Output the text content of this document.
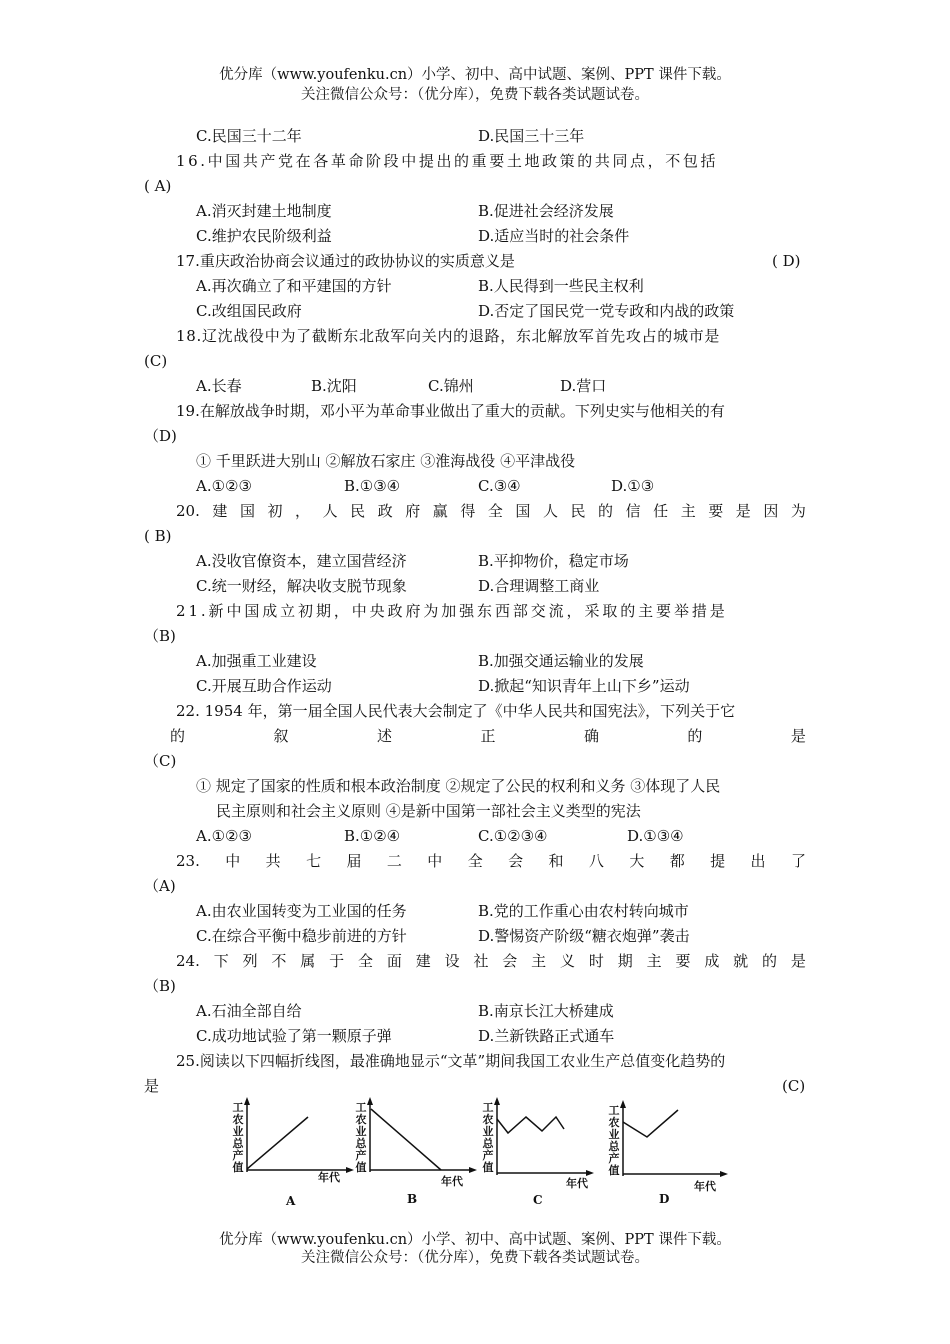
优分库（www.youfenku.cn）小学、初中、高中试题、案例、PPT 课件下载。
关注微信公众号：（优分库），免费下载各类试题试卷。
C.民国三十二年	D.民国三十三年
16.中国共产党在各革命阶段中提出的重要土地政策的共同点，不包括
( A)
A.消灭封建土地制度	B.促进社会经济发展
C.维护农民阶级利益	D.适应当时的社会条件
17.重庆政治协商会议通过的政协协议的实质意义是	( D)
A.再次确立了和平建国的方针	B.人民得到一些民主权利
C.改组国民政府	D.否定了国民党一党专政和内战的政策
18.辽沈战役中为了截断东北敌军向关内的退路，东北解放军首先攻占的城市是
(C)
A.长春	B.沈阳	C.锦州	D.营口
19.在解放战争时期，邓小平为革命事业做出了重大的贡献。下列史实与他相关的有
（D)
① 千里跃进大别山 ②解放石家庄 ③淮海战役 ④平津战役
A.①②③	B.①③④	C.③④	D.①③
20. 建 国 初 ， 人 民 政 府 赢 得 全 国 人 民 的 信 任 主 要 是 因 为
( B)
A.没收官僚资本，建立国营经济	B.平抑物价，稳定市场
C.统一财经，解决收支脱节现象	D.合理调整工商业
21.新中国成立初期，中央政府为加强东西部交流，采取的主要举措是
（B)
A.加强重工业建设	B.加强交通运输业的发展
C.开展互助合作运动	D.掀起“知识青年上山下乡”运动
22. 1954 年，第一届全国人民代表大会制定了《中华人民共和国宪法》，下列关于它
的	叙	述	正	确	的	是
（C)
① 规定了国家的性质和根本政治制度 ②规定了公民的权利和义务 ③体现了人民
民主原则和社会主义原则 ④是新中国第一部社会主义类型的宪法
A.①②③	B.①②④	C.①②③④	D.①③④
23. 中 共 七 届 二 中 全 会 和 八 大 都 提 出 了
（A)
A.由农业国转变为工业国的任务	B.党的工作重心由农村转向城市
C.在综合平衡中稳步前进的方针	D.警惕资产阶级“糖衣炮弹”袭击
24. 下 列 不 属 于 全 面 建 设 社 会 主 义 时 期 主 要 成 就 的 是
（B)
A.石油全部自给	B.南京长江大桥建成
C.成功地试验了第一颗原子弹	D.兰新铁路正式通车
25.阅读以下四幅折线图，最准确地显示“文革”期间我国工农业生产总值变化趋势的
是	(C)
工农业总产值
年代
A
工农业总产值
年代
B
工农业总产值
年代
C
工农业总产值
年代
D
优分库（www.youfenku.cn）小学、初中、高中试题、案例、PPT 课件下载。
关注微信公众号：（优分库），免费下载各类试题试卷。
